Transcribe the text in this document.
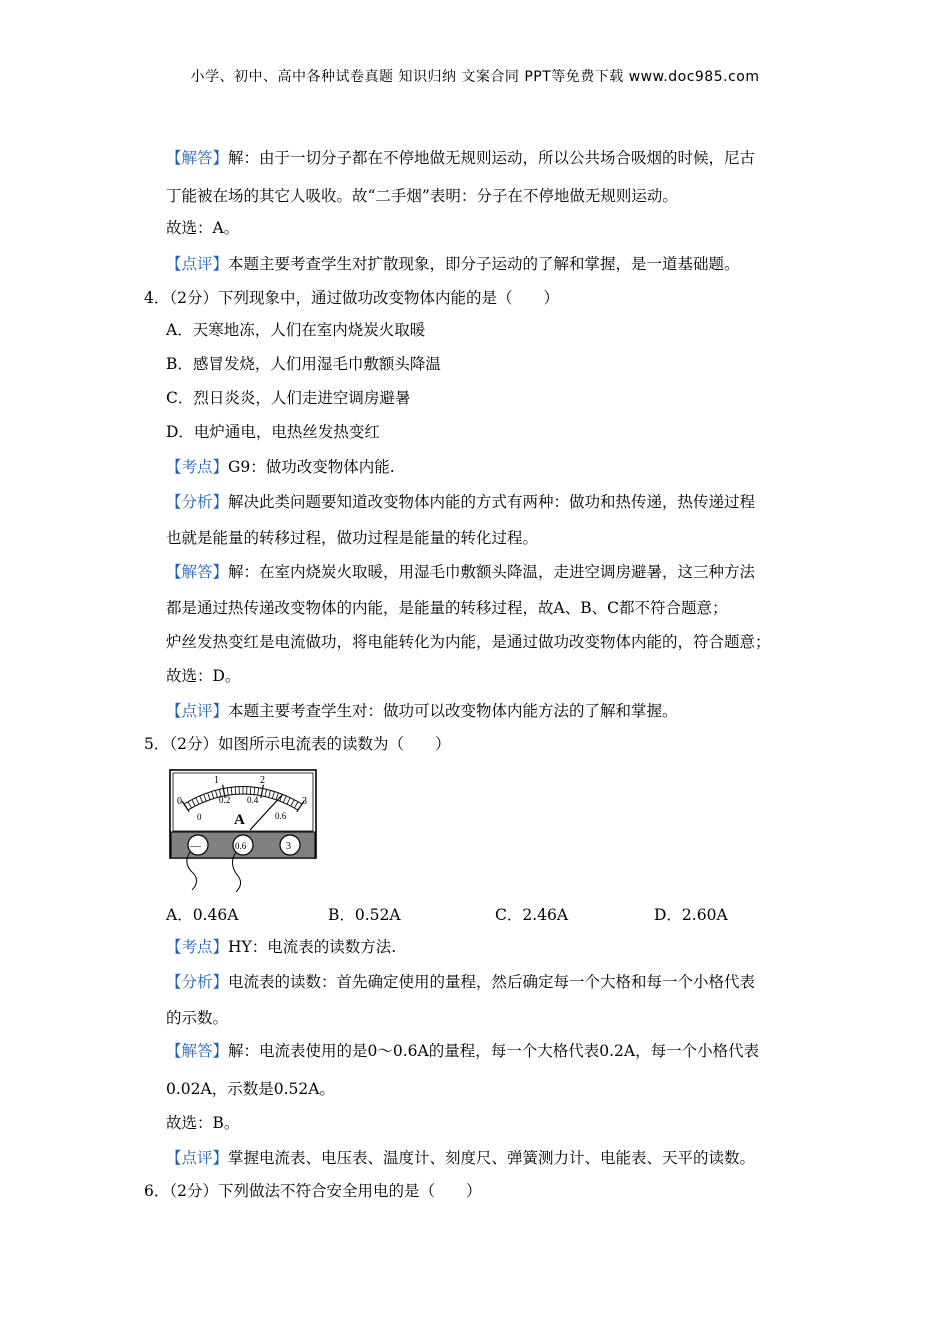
小学、初中、高中各种试卷真题 知识归纳 文案合同 PPT等免费下载 www.doc985.com
【解答】解：由于一切分子都在不停地做无规则运动，所以公共场合吸烟的时候，尼古
丁能被在场的其它人吸收。故“二手烟”表明：分子在不停地做无规则运动。
故选：A。
【点评】本题主要考查学生对扩散现象，即分子运动的了解和掌握，是一道基础题。
4．（2分）下列现象中，通过做功改变物体内能的是（　　）
A．天寒地冻，人们在室内烧炭火取暖
B．感冒发烧，人们用湿毛巾敷额头降温
C．烈日炎炎，人们走进空调房避暑
D．电炉通电，电热丝发热变红
【考点】G9：做功改变物体内能.
【分析】解决此类问题要知道改变物体内能的方式有两种：做功和热传递，热传递过程
也就是能量的转移过程，做功过程是能量的转化过程。
【解答】解：在室内烧炭火取暖，用湿毛巾敷额头降温，走进空调房避暑，这三种方法
都是通过热传递改变物体的内能，是能量的转移过程，故A、B、C都不符合题意；
炉丝发热变红是电流做功，将电能转化为内能，是通过做功改变物体内能的，符合题意；
故选：D。
【点评】本题主要考查学生对：做功可以改变物体内能方法的了解和掌握。
5．（2分）如图所示电流表的读数为（　　）
0
1	2
3
0
0.2 0.4
0.6
A
—	0.6	3
A．0.46A	B．0.52A	C．2.46A	D．2.60A
【考点】HY：电流表的读数方法.
【分析】电流表的读数：首先确定使用的量程，然后确定每一个大格和每一个小格代表
的示数。
【解答】解：电流表使用的是0～0.6A的量程，每一个大格代表0.2A，每一个小格代表
0.02A，示数是0.52A。
故选：B。
【点评】掌握电流表、电压表、温度计、刻度尺、弹簧测力计、电能表、天平的读数。
6．（2分）下列做法不符合安全用电的是（　　）
